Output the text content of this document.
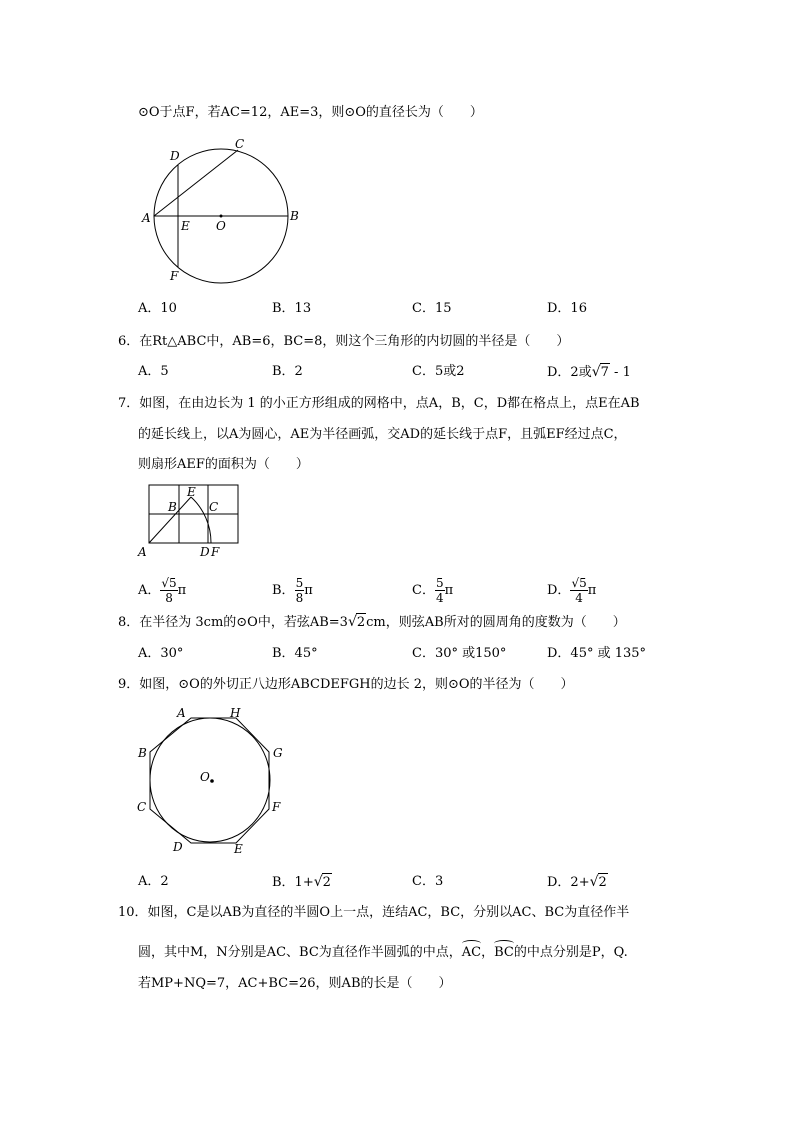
⊙O于点F，若AC=12，AE=3，则⊙O的直径长为（　　）
D
C
A
E O
B
F
A．10	B．13	C．15	D．16
6．在Rt△ABC中，AB=6，BC=8，则这个三角形的内切圆的半径是（　　）
A．5	B．2	C．5或2	D．2或√7 - 1
7．如图，在由边长为 1 的小正方形组成的网格中，点A，B，C，D都在格点上，点E在AB
的延长线上，以A为圆心，AE为半径画弧，交AD的延长线于点F，且弧EF经过点C，
则扇形AEF的面积为（　　）
E
B	C
A	D F
A． $\frac{√5}{8}$ π	B． $\frac{5}{8}$ π	C． $\frac{5}{4}$ π	D． $\frac{√5}{4}$ π
8．在半径为 3cm的⊙O中，若弦AB=3√2cm，则弦AB所对的圆周角的度数为（　　）
A．30°	B．45°	C．30° 或150°	D．45° 或 135°
9．如图，⊙O的外切正八边形ABCDEFGH的边长 2，则⊙O的半径为（　　）
A	H
B	G
O
C	F
D	E
A．2	B．1+√2	C．3	D．2+√2
10．如图，C是以AB为直径的半圆O上一点，连结AC，BC，分别以AC、BC为直径作半
圆，其中M，N分别是AC、BC为直径作半圆弧的中点，AC，BC的中点分别是P，Q.
若MP+NQ=7，AC+BC=26，则AB的长是（　　）
